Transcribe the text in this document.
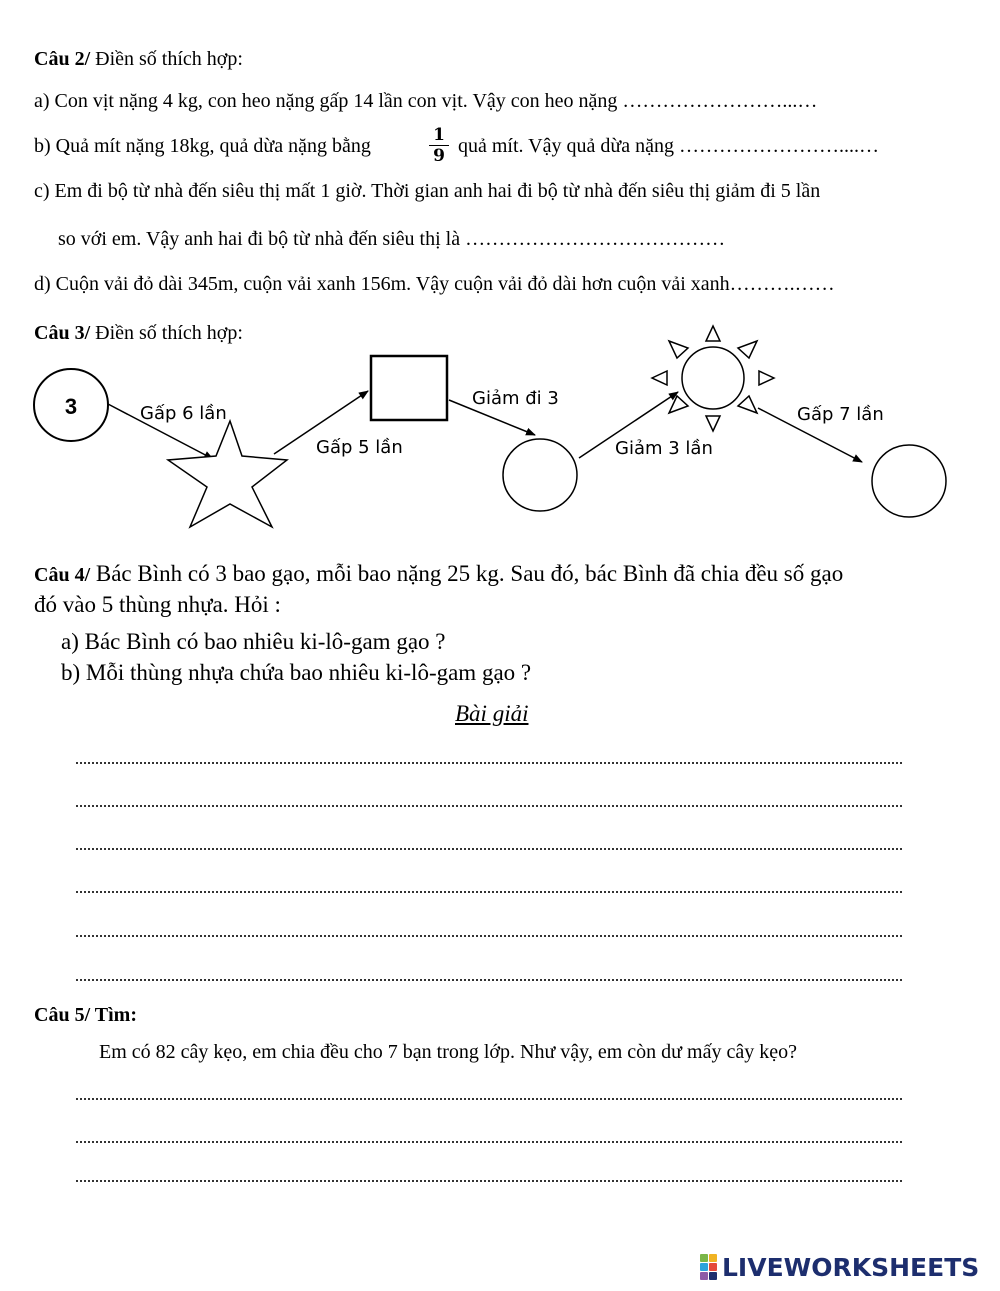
Câu 2/ Điền số thích hợp:
a) Con vịt nặng 4 kg, con heo nặng gấp 14 lần con vịt. Vậy con heo nặng ……………………...…
b) Quả mít nặng 18kg, quả dừa nặng bằng	1
9 quả mít. Vậy quả dừa nặng ……………………....…
c) Em đi bộ từ nhà đến siêu thị mất 1 giờ. Thời gian anh hai đi bộ từ nhà đến siêu thị giảm đi 5 lần
so với em. Vậy anh hai đi bộ từ nhà đến siêu thị là …………………………………
d) Cuộn vải đỏ dài 345m, cuộn vải xanh 156m. Vậy cuộn vải đỏ dài hơn cuộn vải xanh……….……
Câu 3/ Điền số thích hợp:
3	Gấp 6 lần
Gấp 5 lần
Giảm đi 3
Giảm 3 lần
Gấp 7 lần
Câu 4/ Bác Bình có 3 bao gạo, mỗi bao nặng 25 kg. Sau đó, bác Bình đã chia đều số gạo
đó vào 5 thùng nhựa. Hỏi :
a) Bác Bình có bao nhiêu ki-lô-gam gạo ?
b) Mỗi thùng nhựa chứa bao nhiêu ki-lô-gam gạo ?
Bài giải
Câu 5/ Tìm:
Em có 82 cây kẹo, em chia đều cho 7 bạn trong lớp. Như vậy, em còn dư mấy cây kẹo?
LIVEWORKSHEETS
